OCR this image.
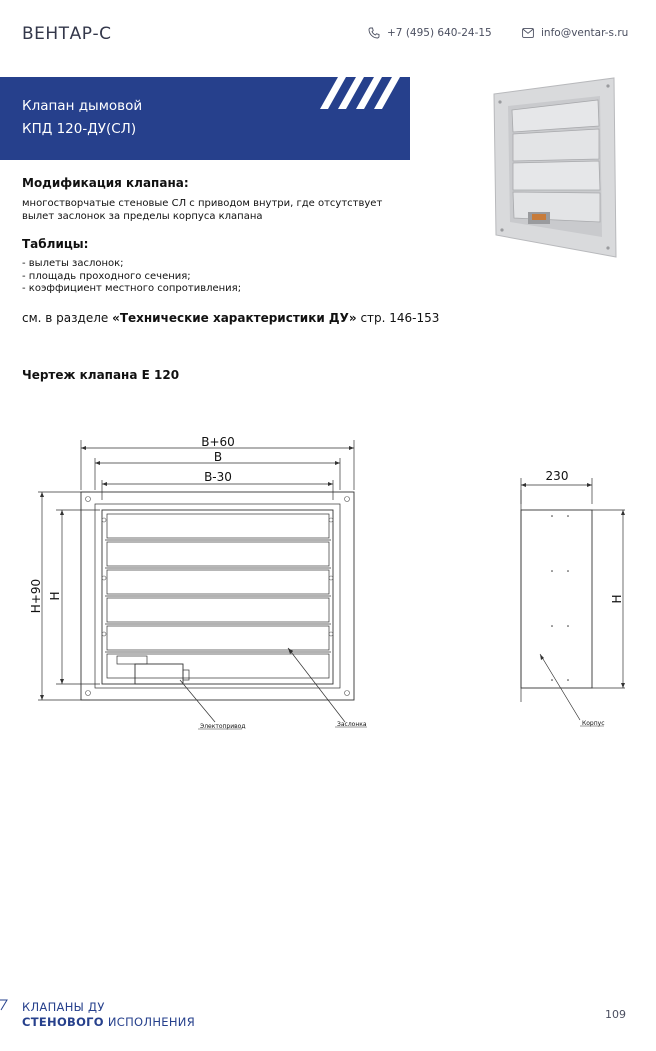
ВЕНТАР-С	+7 (495) 640-24-15	info@ventar-s.ru
Клапан дымовой
КПД 120-ДУ(СЛ)
Модификация клапана:
многостворчатые стеновые СЛ с приводом внутри, где отсутствует
вылет заслонок за пределы корпуса клапана
Таблицы:
- вылеты заслонок;
- площадь проходного сечения;
- коэффициент местного сопротивления;
см. в разделе «Технические характеристики ДУ» стр. 146-153
Чертеж клапана Е 120
B+60
B
B-30
H+90 H
Электопривод	Заслонка
230
H
Корпус
КЛАПАНЫ ДУ
СТЕНОВОГО ИСПОЛНЕНИЯ
109
